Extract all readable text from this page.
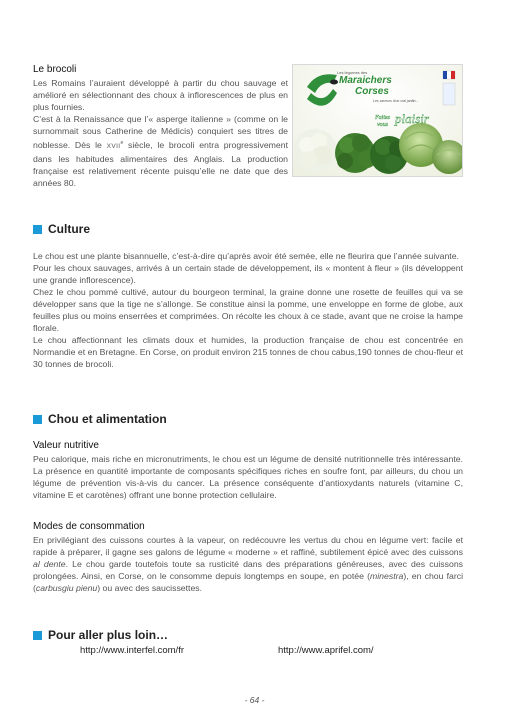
Le brocoli

Les Romains l’auraient développé à partir du chou sauvage et amélioré en sélectionnant des choux à inflorescences de plus en plus fournies.

C’est à la Renaissance que l’« asperge italienne » (comme on le surnommait sous Catherine de Médicis) conquiert ses titres de noblesse. Dès le XVIIe siècle, le brocoli entra progressivement dans les habitudes alimentaires des Anglais. La production française est relativement récente puisqu’elle ne date que des années 80.

Les légumes des
Maraichers
Corses
Les saveurs d'un vrai jardin...
Faites
vous plaisir
Culture

Le chou est une plante bisannuelle, c’est-à-dire qu’après avoir été semée, elle ne fleurira que l’année suivante.

Pour les choux sauvages, arrivés à un certain stade de développement, ils « montent à fleur » (ils développent une grande inflorescence).

Chez le chou pommé cultivé, autour du bourgeon terminal, la graine donne une rosette de feuilles qui va se développer sans que la tige ne s’allonge. Se constitue ainsi la pomme, une enveloppe en forme de globe, aux feuilles plus ou moins enserrées et comprimées. On récolte les choux à ce stade, avant que ne croise la hampe florale.

Le chou affectionnant les climats doux et humides, la production française de chou est concentrée en Normandie et en Bretagne. En Corse, on produit environ 215 tonnes de chou cabus,190 tonnes de chou-fleur et 30 tonnes de brocoli.

Chou et alimentation
Valeur nutritive

Peu calorique, mais riche en micronutriments, le chou est un légume de densité nutritionnelle très intéressante. La présence en quantité importante de composants spécifiques riches en soufre font, par ailleurs, du chou un légume de prévention vis-à-vis du cancer. La présence conséquente d’antioxydants naturels (vitamine C, vitamine E et carotènes) offrant une bonne protection cellulaire.

Modes de consommation

En privilégiant des cuissons courtes à la vapeur, on redécouvre les vertus du chou en légume vert: facile et rapide à préparer, il gagne ses galons de légume « moderne » et raffiné, subtilement épicé avec des cuissons al dente. Le chou garde toutefois toute sa rusticité dans des préparations généreuses, avec des cuissons prolongées. Ainsi, en Corse, on le consomme depuis longtemps en soupe, en potée (minestra), en chou farci (carbusgiu pienu) ou avec des saucissettes.

Pour aller plus loin…
http://www.interfel.com/fr	http://www.aprifel.com/
- 64 -
